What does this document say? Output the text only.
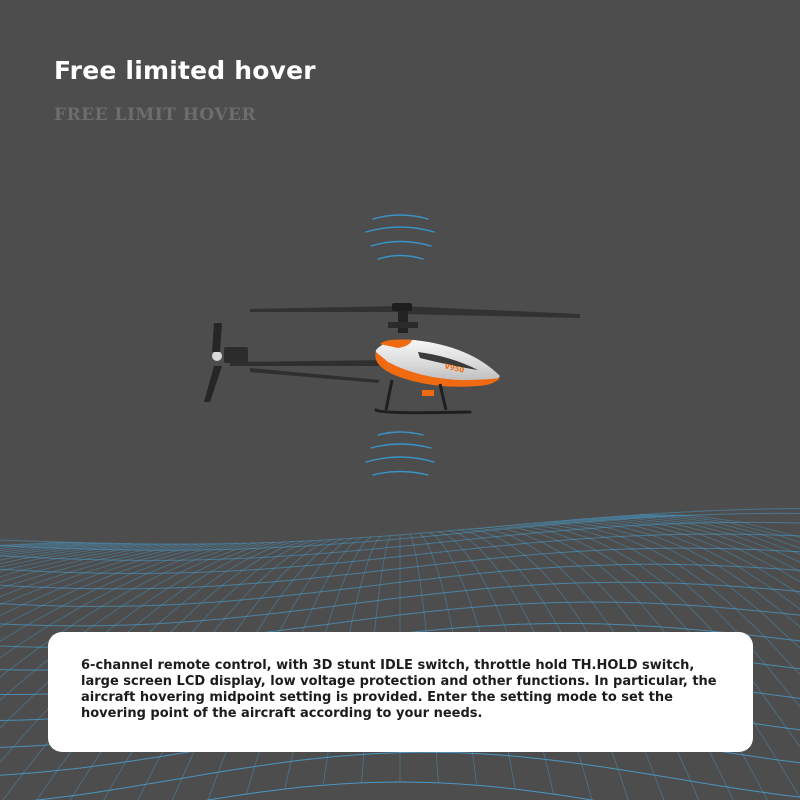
V950
Free limited hover
FREE LIMIT HOVER

6-channel remote control, with 3D stunt IDLE switch, throttle hold TH.HOLD switch, large screen LCD display, low voltage protection and other functions. In particular, the aircraft hovering midpoint setting is provided. Enter the setting mode to set the hovering point of the aircraft according to your needs.
